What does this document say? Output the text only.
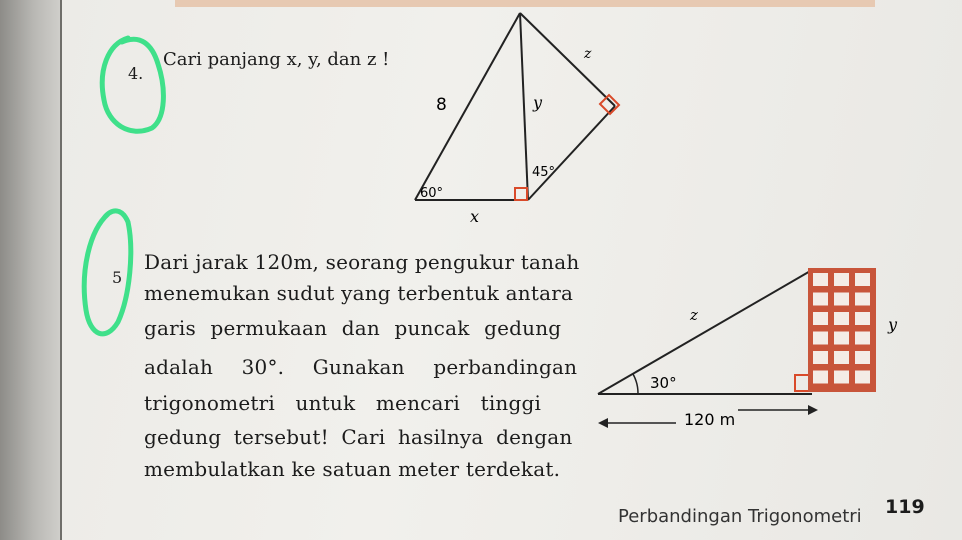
4.
Cari panjang x, y, dan z !
5
Dari jarak 120m, seorang pengukur tanah
menemukan sudut yang terbentuk antara
garis permukaan dan puncak gedung
adalah 30°. Gunakan perbandingan
trigonometri untuk mencari tinggi
gedung tersebut! Cari hasilnya dengan
membulatkan ke satuan meter terdekat.
Perbandingan Trigonometri 119
8	y
z
x
60°
45°
z	y
30°
120 m
